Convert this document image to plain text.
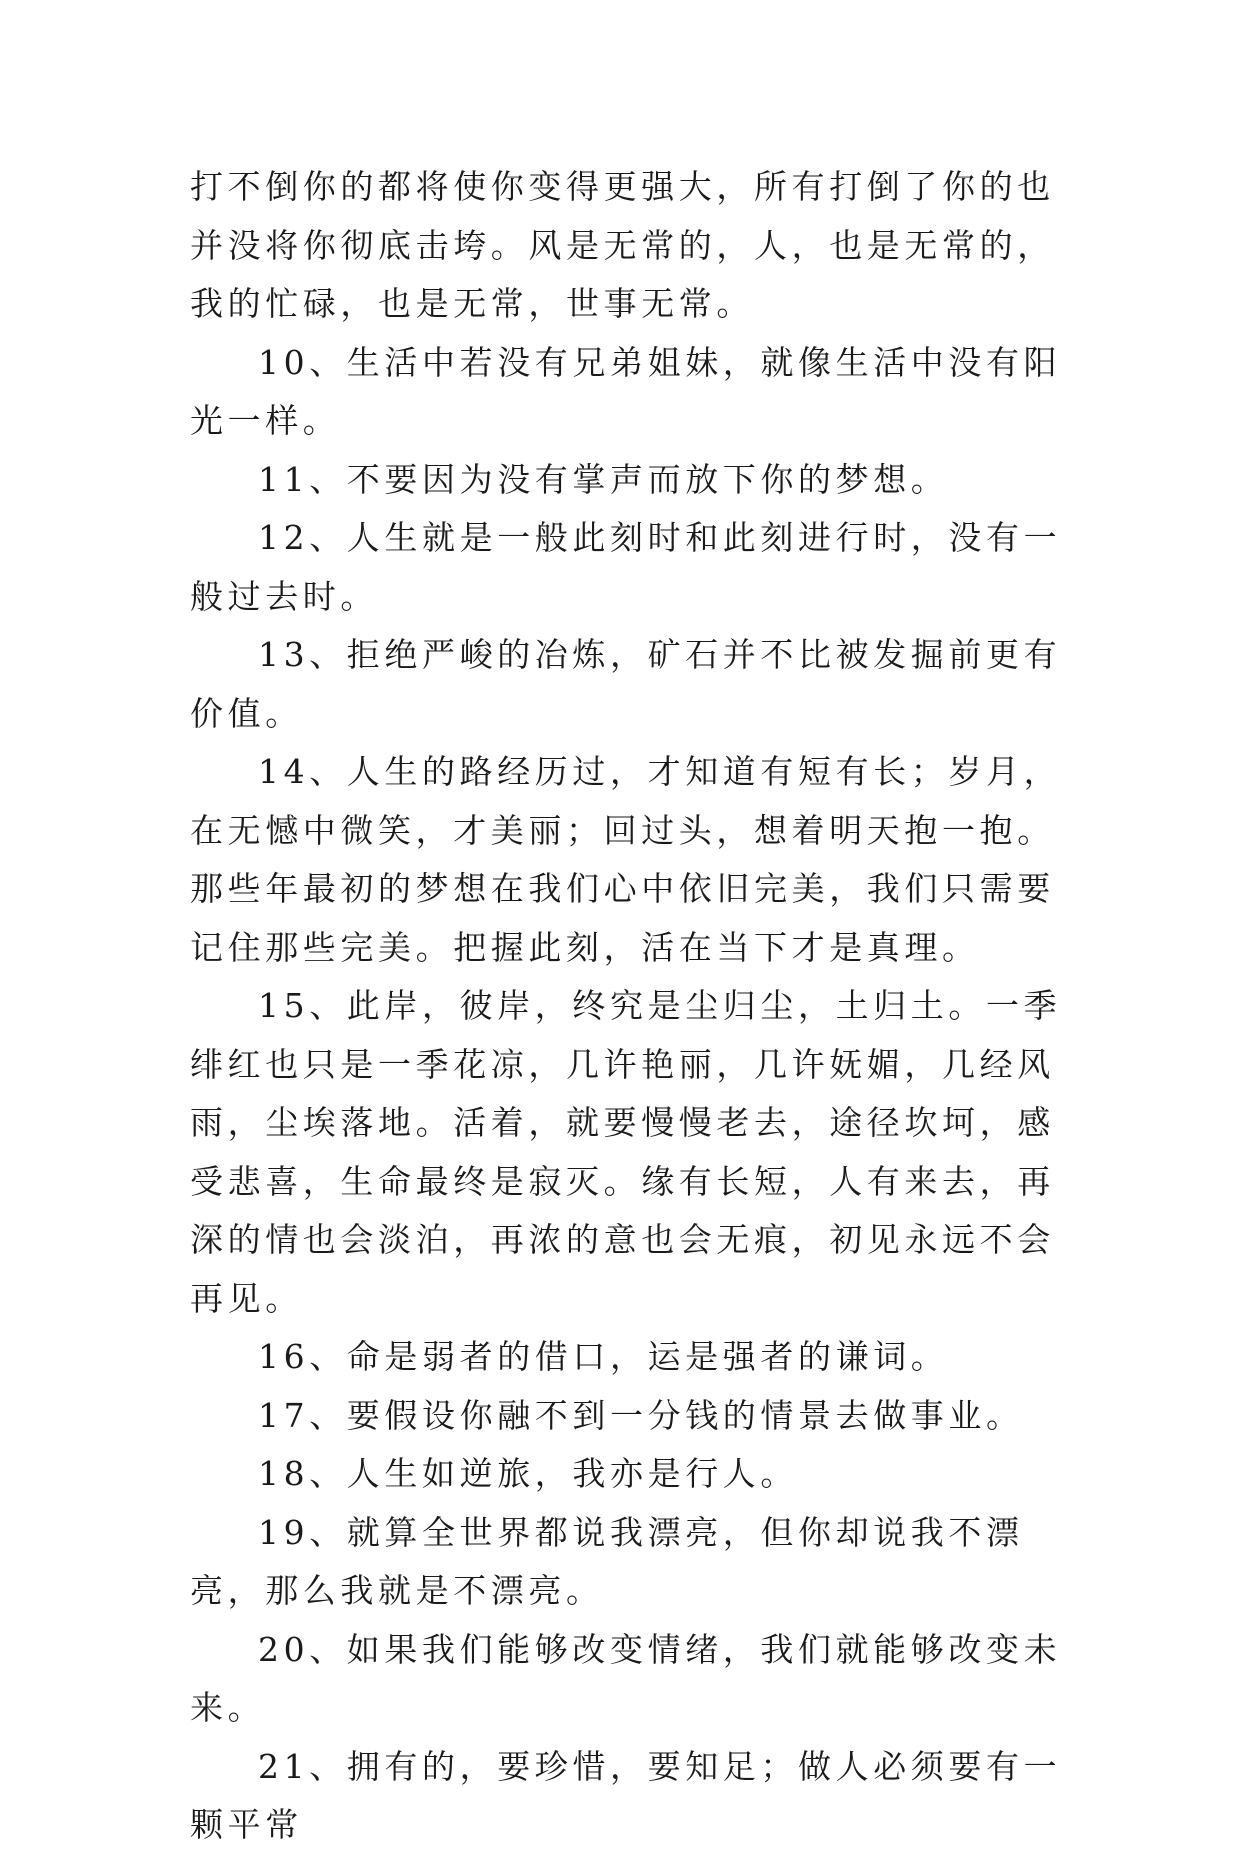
打不倒你的都将使你变得更强大，所有打倒了你的也并没将你彻底击垮。风是无常的，人，也是无常的，我的忙碌，也是无常，世事无常。

10、生活中若没有兄弟姐妹，就像生活中没有阳光一样。

11、不要因为没有掌声而放下你的梦想。

12、人生就是一般此刻时和此刻进行时，没有一般过去时。

13、拒绝严峻的冶炼，矿石并不比被发掘前更有价值。

14、人生的路经历过，才知道有短有长；岁月，在无憾中微笑，才美丽；回过头，想着明天抱一抱。那些年最初的梦想在我们心中依旧完美，我们只需要记住那些完美。把握此刻，活在当下才是真理。

15、此岸，彼岸，终究是尘归尘，土归土。一季绯红也只是一季花凉，几许艳丽，几许妩媚，几经风雨，尘埃落地。活着，就要慢慢老去，途径坎坷，感受悲喜，生命最终是寂灭。缘有长短，人有来去，再深的情也会淡泊，再浓的意也会无痕，初见永远不会再见。

16、命是弱者的借口，运是强者的谦词。

17、要假设你融不到一分钱的情景去做事业。

18、人生如逆旅，我亦是行人。

19、就算全世界都说我漂亮，但你却说我不漂亮，那么我就是不漂亮。

20、如果我们能够改变情绪，我们就能够改变未来。

21、拥有的，要珍惜，要知足；做人必须要有一颗平常
